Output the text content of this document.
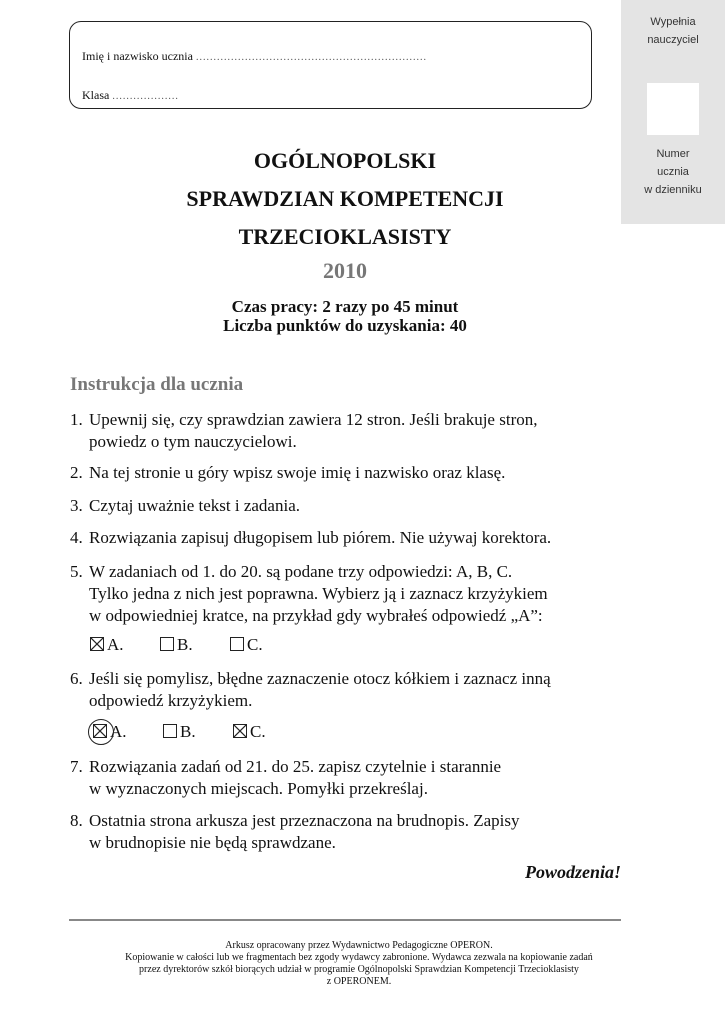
Imię i nazwisko ucznia ..................................................................
Klasa ...................
Wypełnia
nauczyciel
Numer
ucznia
w dzienniku
OGÓLNOPOLSKI
SPRAWDZIAN KOMPETENCJI
TRZECIOKLASISTY
2010
Czas pracy: 2 razy po 45 minut
Liczba punktów do uzyskania: 40
Instrukcja dla ucznia
1. Upewnij się, czy sprawdzian zawiera 12 stron. Jeśli brakuje stron,
powiedz o tym nauczycielowi.
2. Na tej stronie u góry wpisz swoje imię i nazwisko oraz klasę.
3. Czytaj uważnie tekst i zadania.
4. Rozwiązania zapisuj długopisem lub piórem. Nie używaj korektora.
5. W zadaniach od 1. do 20. są podane trzy odpowiedzi: A, B, C.
Tylko jedna z nich jest poprawna. Wybierz ją i zaznacz krzyżykiem
w odpowiedniej kratce, na przykład gdy wybrałeś odpowiedź „A”:
A.	B.	C.
6. Jeśli się pomylisz, błędne zaznaczenie otocz kółkiem i zaznacz inną
odpowiedź krzyżykiem.
A.	B.	C.
7. Rozwiązania zadań od 21. do 25. zapisz czytelnie i starannie
w wyznaczonych miejscach. Pomyłki przekreślaj.
8. Ostatnia strona arkusza jest przeznaczona na brudnopis. Zapisy
w brudnopisie nie będą sprawdzane.
Powodzenia!
Arkusz opracowany przez Wydawnictwo Pedagogiczne OPERON.
Kopiowanie w całości lub we fragmentach bez zgody wydawcy zabronione. Wydawca zezwala na kopiowanie zadań
przez dyrektorów szkół biorących udział w programie Ogólnopolski Sprawdzian Kompetencji Trzecioklasisty
z OPERONEM.
